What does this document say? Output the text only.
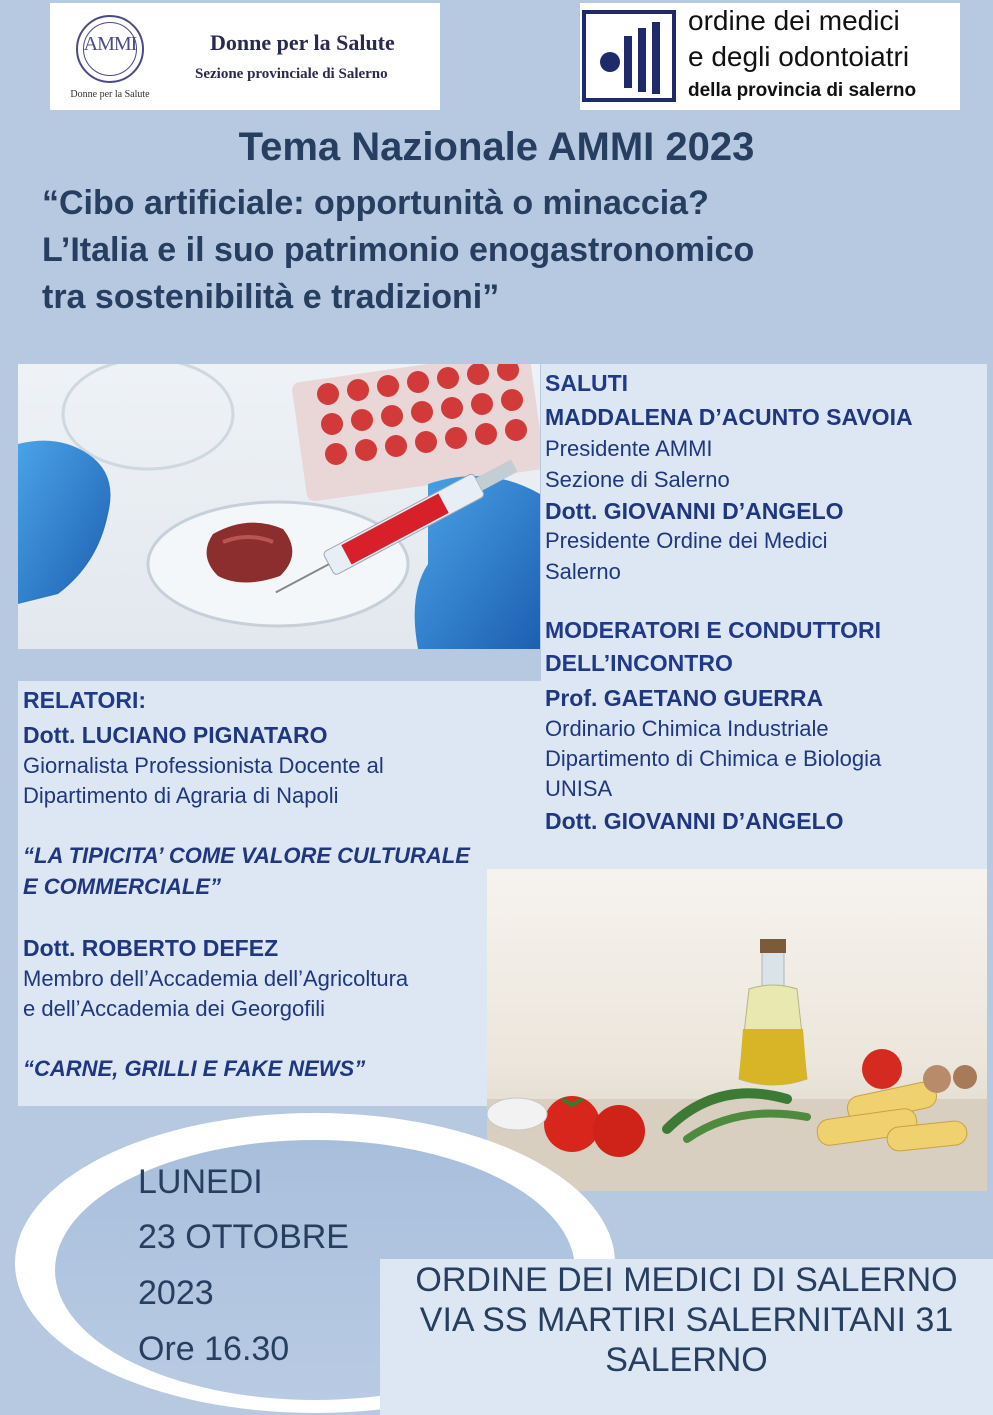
AMMI
Donne per la Salute
Donne per la Salute
Sezione provinciale di Salerno
ordine dei medici
e degli odontoiatri
della provincia di salerno
Tema Nazionale AMMI 2023
“Cibo artificiale: opportunità o minaccia?
L’Italia e il suo patrimonio enogastronomico
tra sostenibilità e tradizioni”
SALUTI
MADDALENA D’ACUNTO SAVOIA
Presidente AMMI
Sezione di Salerno
Dott. GIOVANNI D’ANGELO
Presidente Ordine dei Medici
Salerno
MODERATORI E CONDUTTORI
DELL’INCONTRO
Prof. GAETANO GUERRA
Ordinario Chimica Industriale
Dipartimento di Chimica e Biologia
UNISA
Dott. GIOVANNI D’ANGELO
RELATORI:
Dott. LUCIANO PIGNATARO
Giornalista Professionista Docente al
Dipartimento di Agraria di Napoli
“LA TIPICITA’ COME VALORE CULTURALE
E COMMERCIALE”
Dott. ROBERTO DEFEZ
Membro dell’Accademia dell’Agricoltura
e dell’Accademia dei Georgofili
“CARNE, GRILLI E FAKE NEWS”
LUNEDI
23 OTTOBRE
2023
Ore 16.30
ORDINE DEI MEDICI DI SALERNO
VIA SS MARTIRI SALERNITANI 31
SALERNO
